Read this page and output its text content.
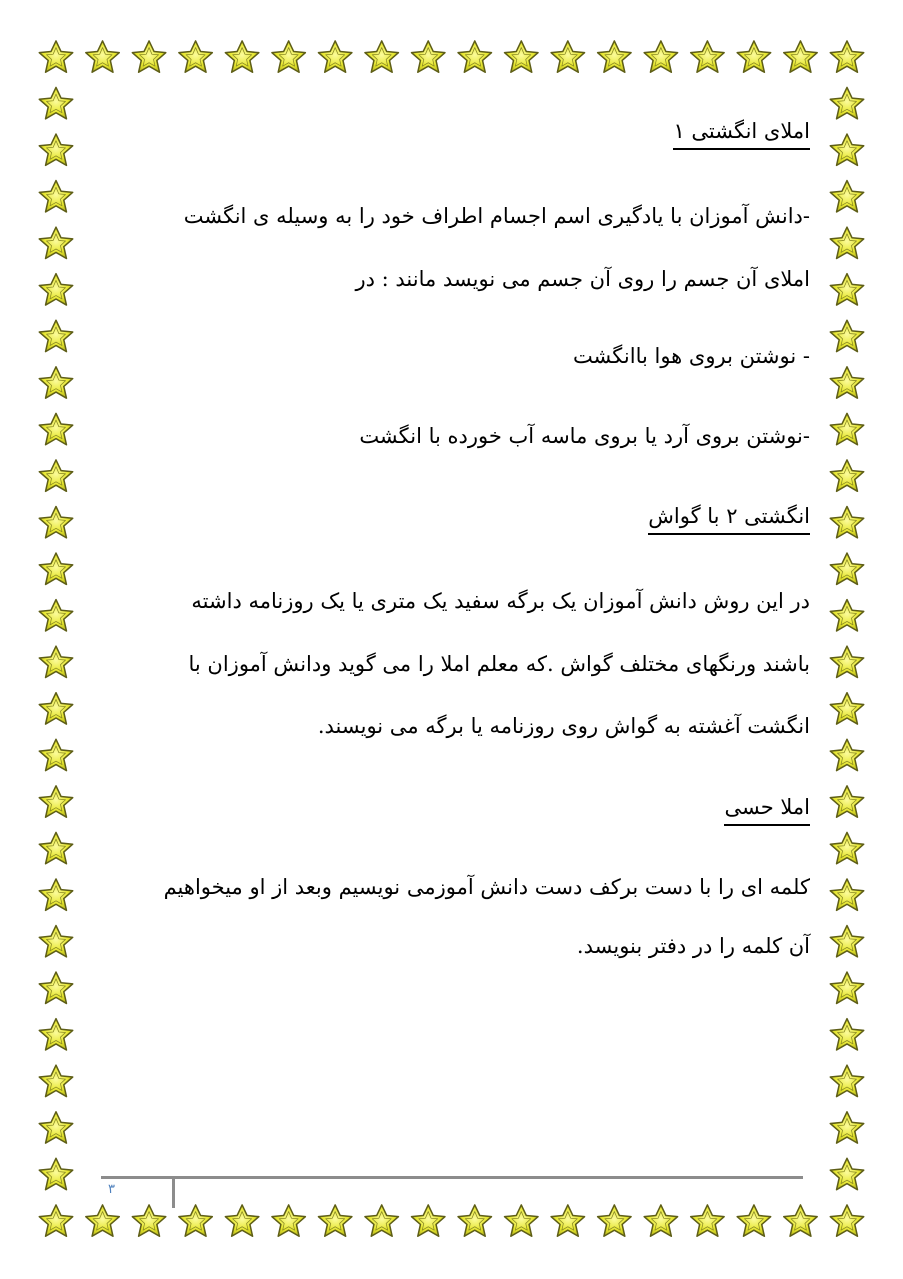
املای انگشتی ۱
-دانش آموزان با یادگیری اسم اجسام اطراف خود را به وسیله ی انگشت
املای آن جسم را روی آن جسم می نویسد مانند : در
- نوشتن بروی هوا باانگشت
-نوشتن بروی آرد یا بروی ماسه آب خورده با انگشت
انگشتی ۲ با گواش
در این روش دانش آموزان یک برگه سفید یک متری یا یک روزنامه داشته
باشند ورنگهای مختلف گواش .که معلم املا را می گوید ودانش آموزان با
انگشت آغشته به گواش روی روزنامه یا برگه می نویسند.
املا حسی
کلمه ای را با دست برکف دست دانش آموزمی نویسیم وبعد از او میخواهیم
آن کلمه را در دفتر بنویسد.
۳
